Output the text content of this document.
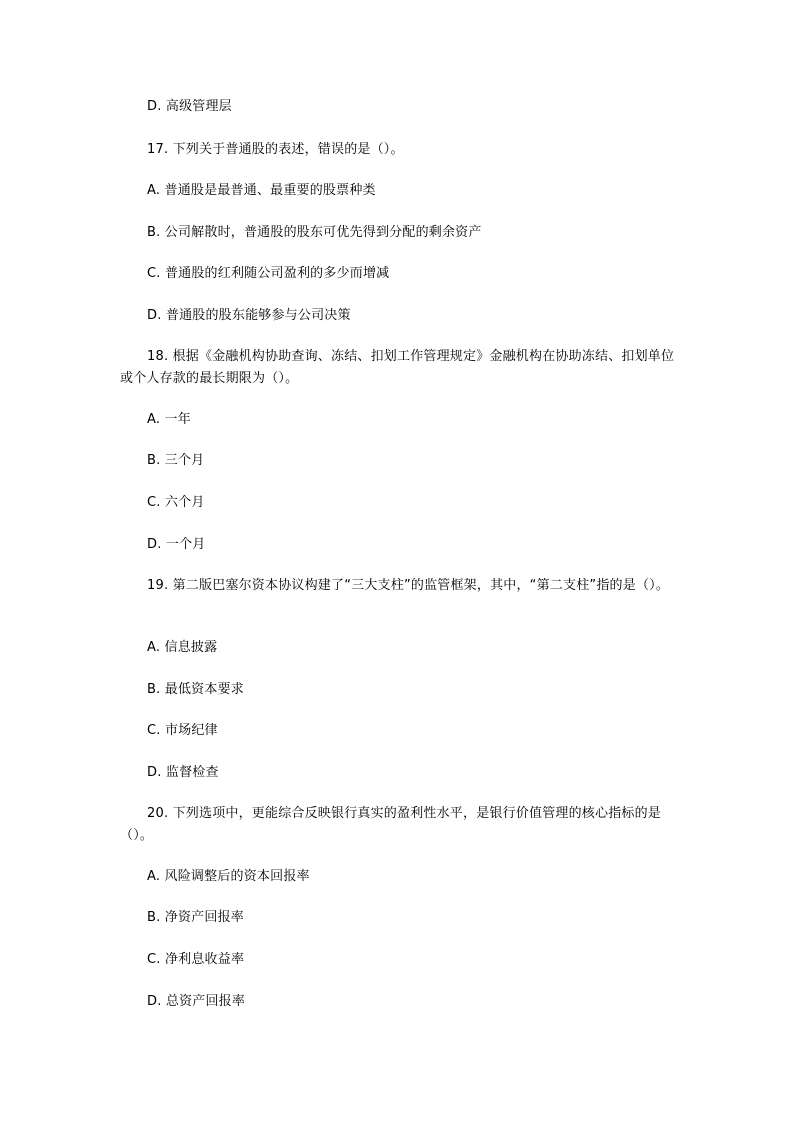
D. 高级管理层
17. 下列关于普通股的表述，错误的是（）。
A. 普通股是最普通、最重要的股票种类
B. 公司解散时，普通股的股东可优先得到分配的剩余资产
C. 普通股的红利随公司盈利的多少而增减
D. 普通股的股东能够参与公司决策
18. 根据《金融机构协助查询、冻结、扣划工作管理规定》金融机构在协助冻结、扣划单位或个人存款的最长期限为（）。
A. 一年
B. 三个月
C. 六个月
D. 一个月
19. 第二版巴塞尔资本协议构建了“三大支柱”的监管框架，其中，“第二支柱”指的是（）。
A. 信息披露
B. 最低资本要求
C. 市场纪律
D. 监督检查
20. 下列选项中，更能综合反映银行真实的盈利性水平，是银行价值管理的核心指标的是（）。
A. 风险调整后的资本回报率
B. 净资产回报率
C. 净利息收益率
D. 总资产回报率
